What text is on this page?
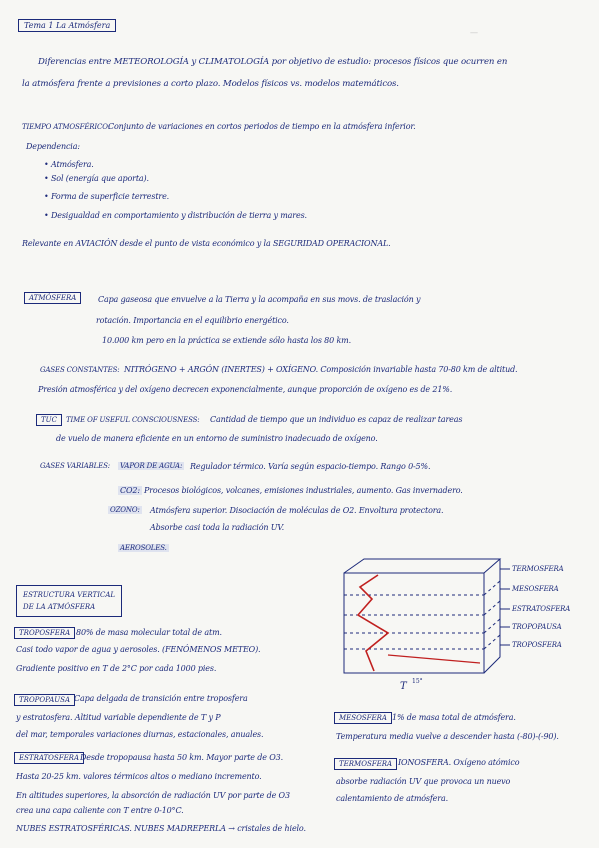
Tema 1 La Atmósfera
—
Diferencias entre METEOROLOGÍA y CLIMATOLOGÍA por objetivo de estudio: procesos físicos que ocurren en
la atmósfera frente a previsiones a corto plazo. Modelos físicos vs. modelos matemáticos.
TIEMPO ATMOSFÉRICO:
Conjunto de variaciones en cortos periodos de tiempo en la atmósfera inferior.
Dependencia:
• Atmósfera.
• Sol (energía que aporta).
• Forma de superficie terrestre.
• Desigualdad en comportamiento y distribución de tierra y mares.
Relevante en AVIACIÓN desde el punto de vista económico y la SEGURIDAD OPERACIONAL.
ATMÓSFERA	Capa gaseosa que envuelve a la Tierra y la acompaña en sus movs. de traslación y
rotación. Importancia en el equilibrio energético.
10.000 km pero en la práctica se extiende sólo hasta los 80 km.
GASES CONSTANTES: NITRÓGENO + ARGÓN (INERTES) + OXÍGENO. Composición invariable hasta 70-80 km de altitud.
Presión atmosférica y del oxígeno decrecen exponencialmente, aunque proporción de oxígeno es de 21%.
TUC	TIME OF USEFUL CONSCIOUSNESS: Cantidad de tiempo que un individuo es capaz de realizar tareas
de vuelo de manera eficiente en un entorno de suministro inadecuado de oxígeno.
GASES VARIABLES: VAPOR DE AGUA: Regulador térmico. Varía según espacio-tiempo. Rango 0-5%.
CO2: Procesos biológicos, volcanes, emisiones industriales, aumento. Gas invernadero.
OZONO: Atmósfera superior. Disociación de moléculas de O2. Envoltura protectora.
Absorbe casi toda la radiación UV.
AEROSOLES.
ESTRUCTURA VERTICAL
DE LA ATMÓSFERA
TROPOSFERA 80% de masa molecular total de atm.
Casi todo vapor de agua y aerosoles. (FENÓMENOS METEO).
Gradiente positivo en T de 2°C por cada 1000 pies.
TROPOPAUSA Capa delgada de transición entre troposfera
y estratosfera. Altitud variable dependiente de T y P
del mar, temporales variaciones diurnas, estacionales, anuales.
ESTRATOSFERA Desde tropopausa hasta 50 km. Mayor parte de O3.
Hasta 20-25 km. valores térmicos altos o mediano incremento.
En altitudes superiores, la absorción de radiación UV por parte de O3
crea una capa caliente con T entre 0-10°C.
NUBES ESTRATOSFÉRICAS. NUBES MADREPERLA → cristales de hielo.
MESOSFERA 1% de masa total de atmósfera.
Temperatura media vuelve a descender hasta (-80)-(-90).
TERMOSFERA IONOSFERA. Oxígeno atómico
absorbe radiación UV que provoca un nuevo
calentamiento de atmósfera.
T 15°
TERMOSFERA
MESOSFERA
ESTRATOSFERA
TROPOPAUSA
TROPOSFERA
